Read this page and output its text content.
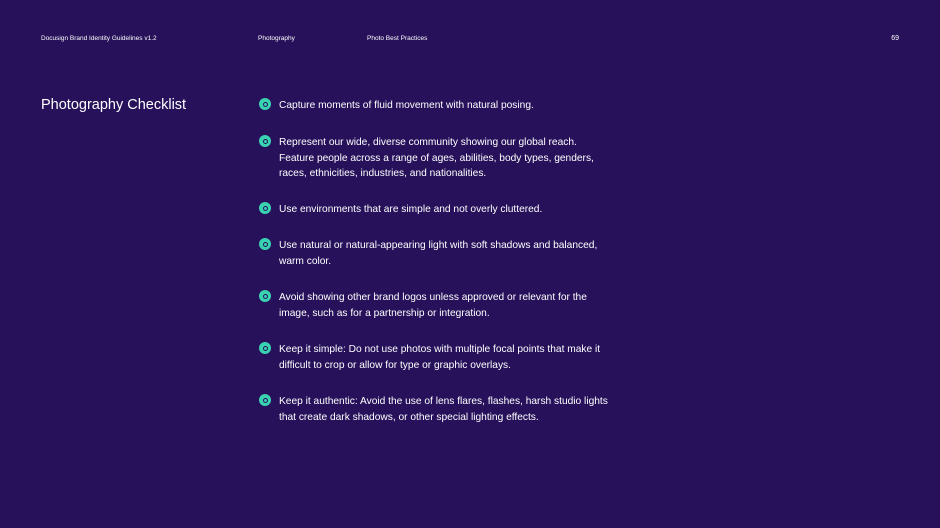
Docusign Brand Identity Guidelines v1.2	Photography	Photo Best Practices	69
Photography Checklist	Capture moments of fluid movement with natural posing.
Represent our wide, diverse community showing our global reach. Feature people across a range of ages, abilities, body types, genders, races, ethnicities, industries, and nationalities.
Use environments that are simple and not overly cluttered.
Use natural or natural-appearing light with soft shadows and balanced, warm color.
Avoid showing other brand logos unless approved or relevant for the image, such as for a partnership or integration.
Keep it simple: Do not use photos with multiple focal points that make it difficult to crop or allow for type or graphic overlays.
Keep it authentic: Avoid the use of lens flares, flashes, harsh studio lights that create dark shadows, or other special lighting effects.
